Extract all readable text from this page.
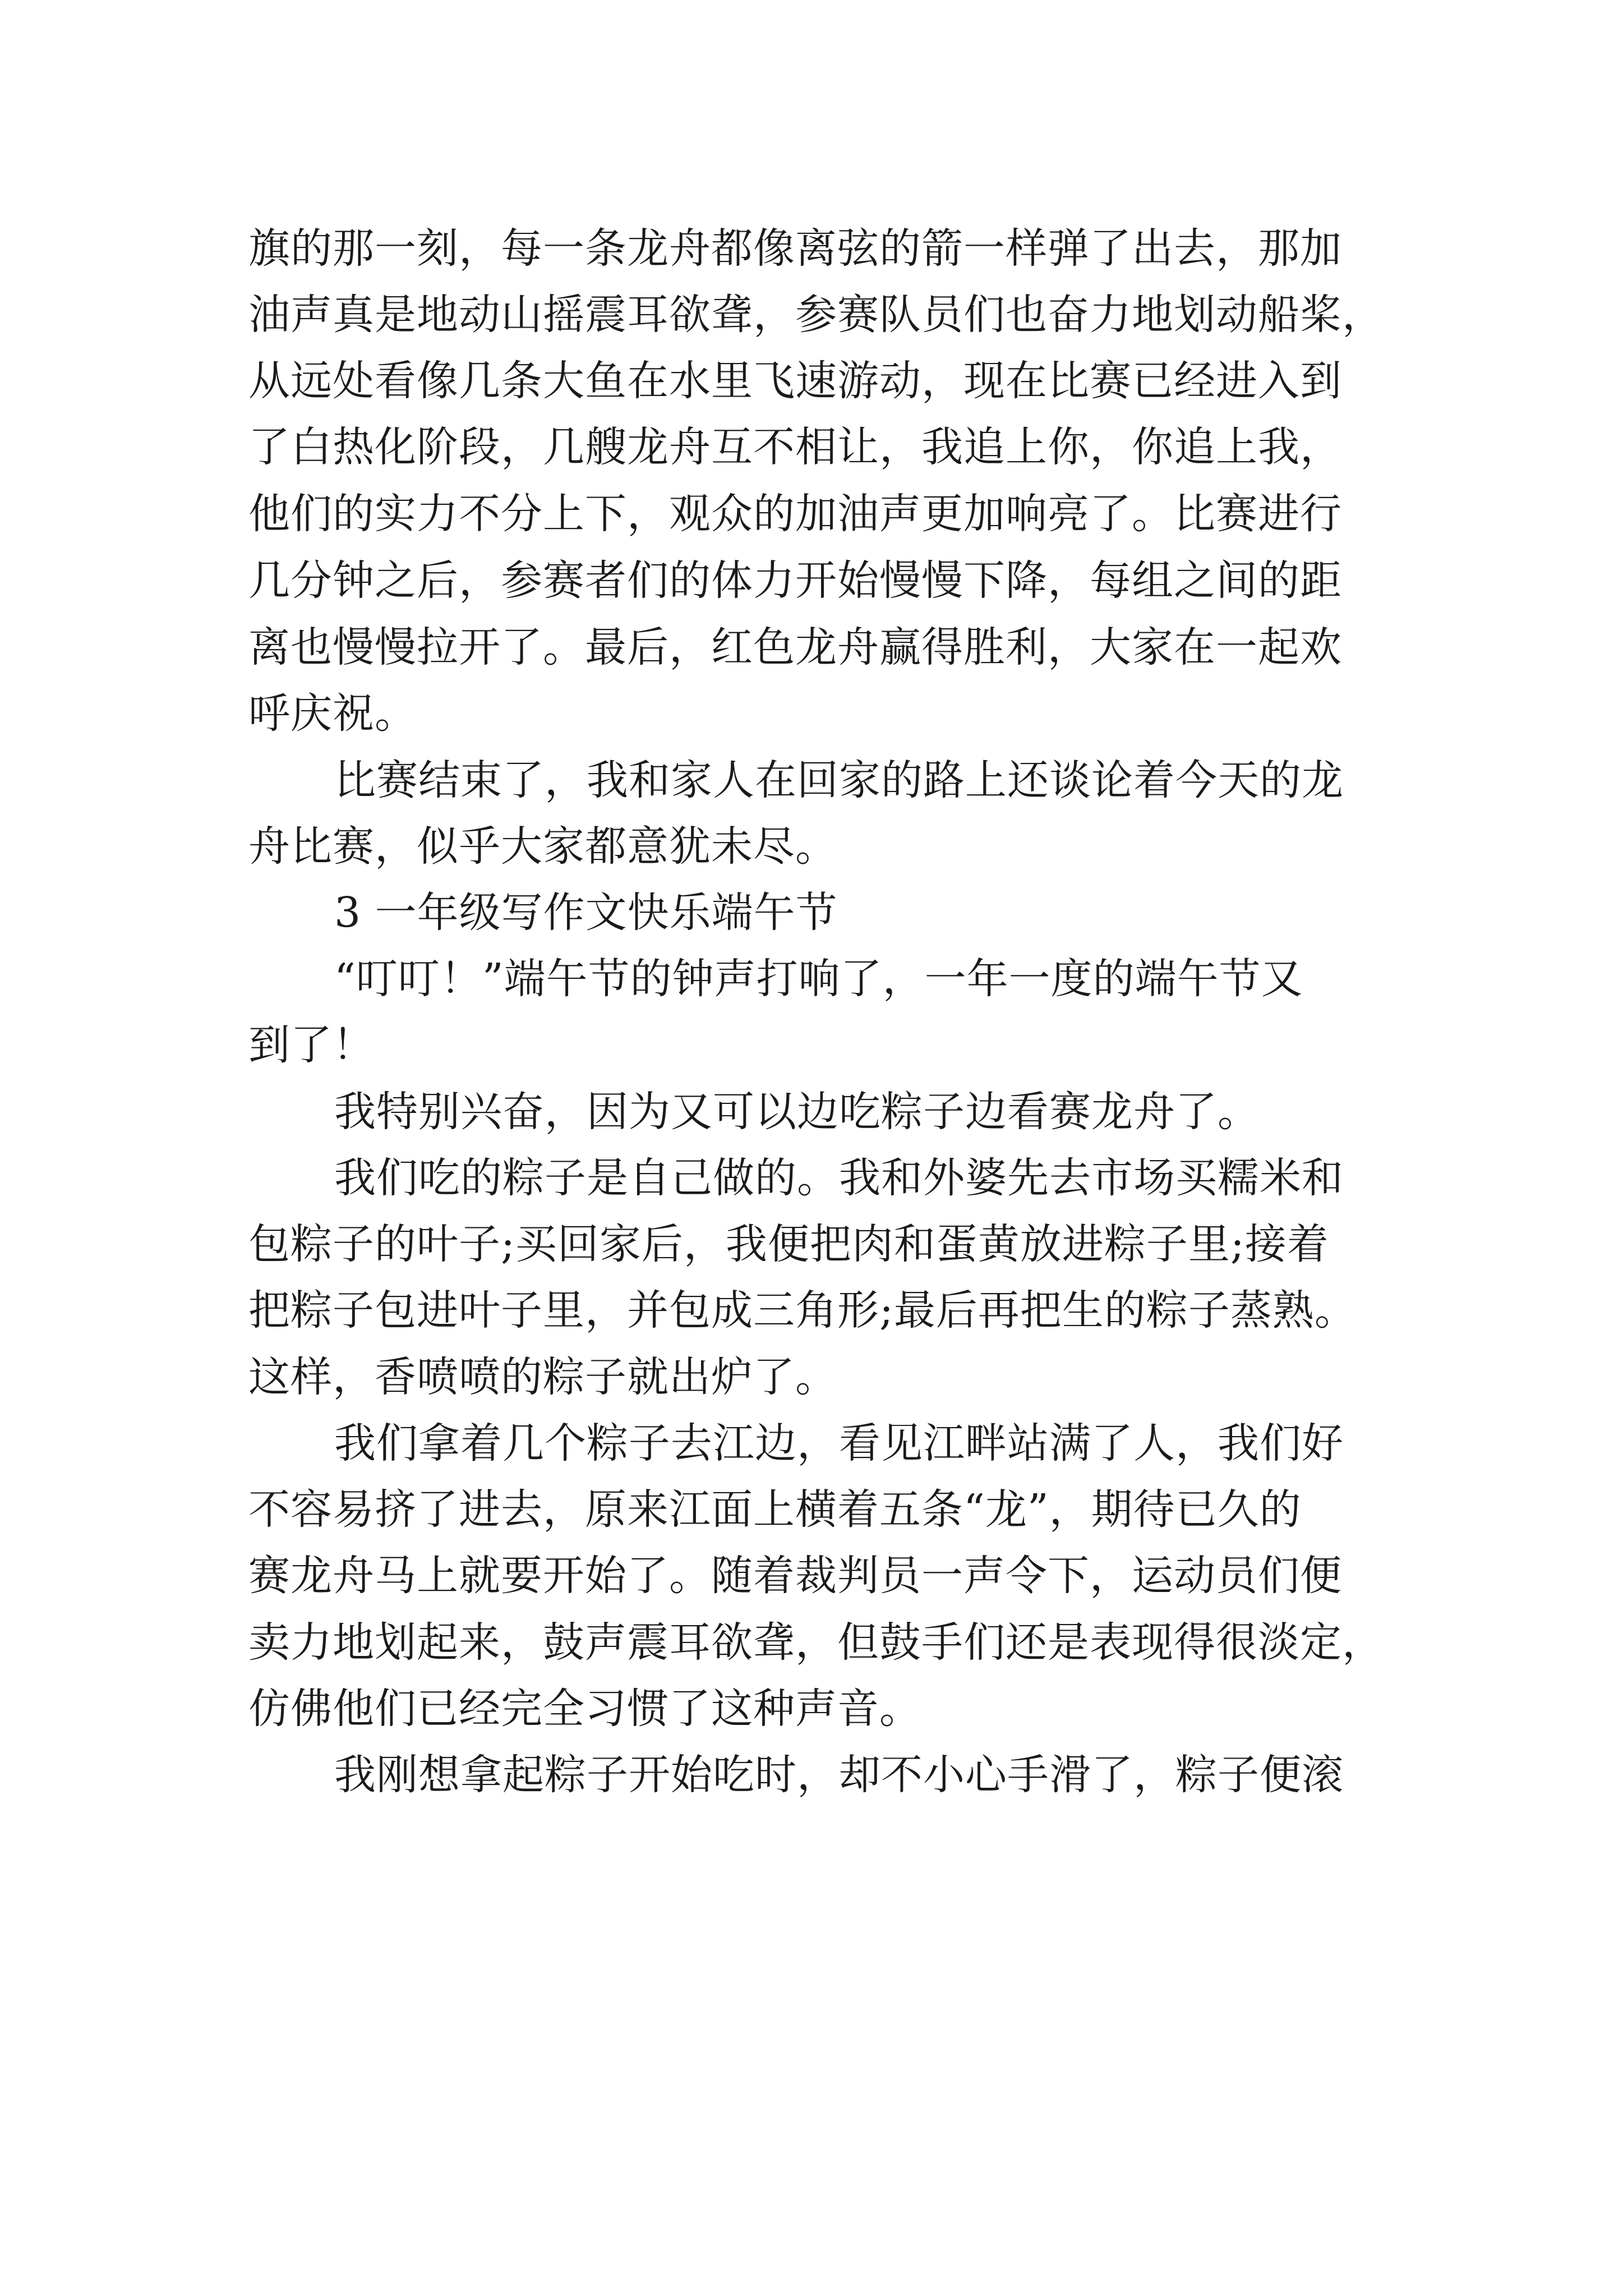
旗的那一刻，每一条龙舟都像离弦的箭一样弹了出去，那加
油声真是地动山摇震耳欲聋，参赛队员们也奋力地划动船桨，
从远处看像几条大鱼在水里飞速游动，现在比赛已经进入到
了白热化阶段，几艘龙舟互不相让，我追上你，你追上我，
他们的实力不分上下，观众的加油声更加响亮了。比赛进行
几分钟之后，参赛者们的体力开始慢慢下降，每组之间的距
离也慢慢拉开了。最后，红色龙舟赢得胜利，大家在一起欢
呼庆祝。
比赛结束了，我和家人在回家的路上还谈论着今天的龙
舟比赛，似乎大家都意犹未尽。
3 一年级写作文快乐端午节
“叮叮！”端午节的钟声打响了，一年一度的端午节又
到了！
我特别兴奋，因为又可以边吃粽子边看赛龙舟了。
我们吃的粽子是自己做的。我和外婆先去市场买糯米和
包粽子的叶子;买回家后，我便把肉和蛋黄放进粽子里;接着
把粽子包进叶子里，并包成三角形;最后再把生的粽子蒸熟。
这样，香喷喷的粽子就出炉了。
我们拿着几个粽子去江边，看见江畔站满了人，我们好
不容易挤了进去，原来江面上横着五条“龙”，期待已久的
赛龙舟马上就要开始了。随着裁判员一声令下，运动员们便
卖力地划起来，鼓声震耳欲聋，但鼓手们还是表现得很淡定，
仿佛他们已经完全习惯了这种声音。
我刚想拿起粽子开始吃时，却不小心手滑了，粽子便滚
